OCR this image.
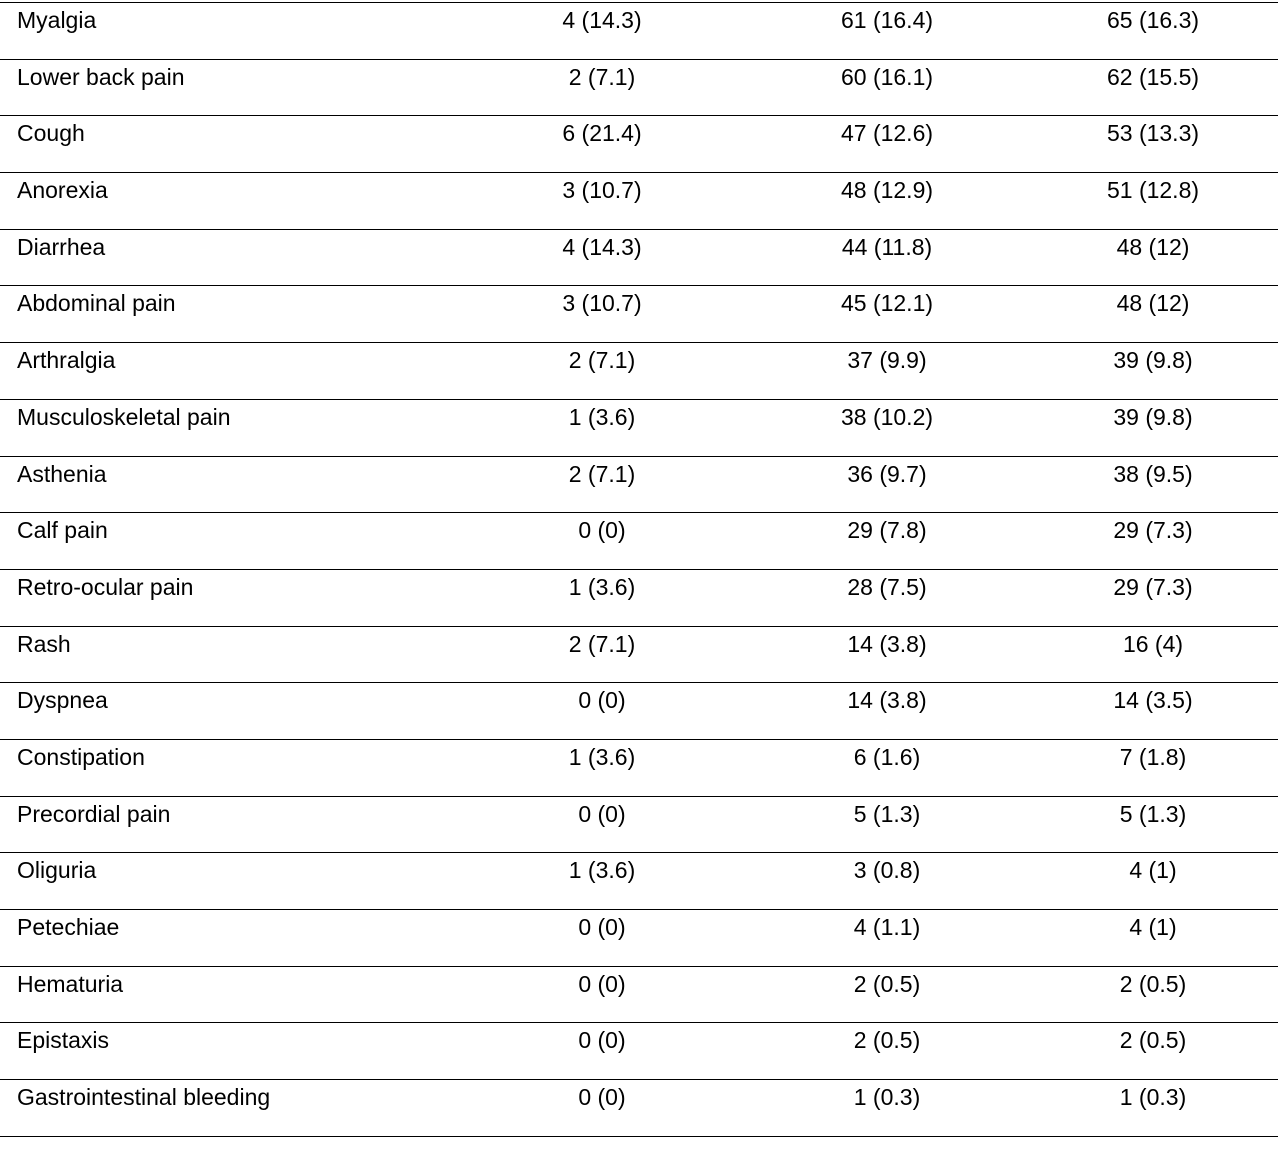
Myalgia	4 (14.3)	61 (16.4)	65 (16.3)
Lower back pain	2 (7.1)	60 (16.1)	62 (15.5)
Cough	6 (21.4)	47 (12.6)	53 (13.3)
Anorexia	3 (10.7)	48 (12.9)	51 (12.8)
Diarrhea	4 (14.3)	44 (11.8)	48 (12)
Abdominal pain	3 (10.7)	45 (12.1)	48 (12)
Arthralgia	2 (7.1)	37 (9.9)	39 (9.8)
Musculoskeletal pain	1 (3.6)	38 (10.2)	39 (9.8)
Asthenia	2 (7.1)	36 (9.7)	38 (9.5)
Calf pain	0 (0)	29 (7.8)	29 (7.3)
Retro-ocular pain	1 (3.6)	28 (7.5)	29 (7.3)
Rash	2 (7.1)	14 (3.8)	16 (4)
Dyspnea	0 (0)	14 (3.8)	14 (3.5)
Constipation	1 (3.6)	6 (1.6)	7 (1.8)
Precordial pain	0 (0)	5 (1.3)	5 (1.3)
Oliguria	1 (3.6)	3 (0.8)	4 (1)
Petechiae	0 (0)	4 (1.1)	4 (1)
Hematuria	0 (0)	2 (0.5)	2 (0.5)
Epistaxis	0 (0)	2 (0.5)	2 (0.5)
Gastrointestinal bleeding	0 (0)	1 (0.3)	1 (0.3)
